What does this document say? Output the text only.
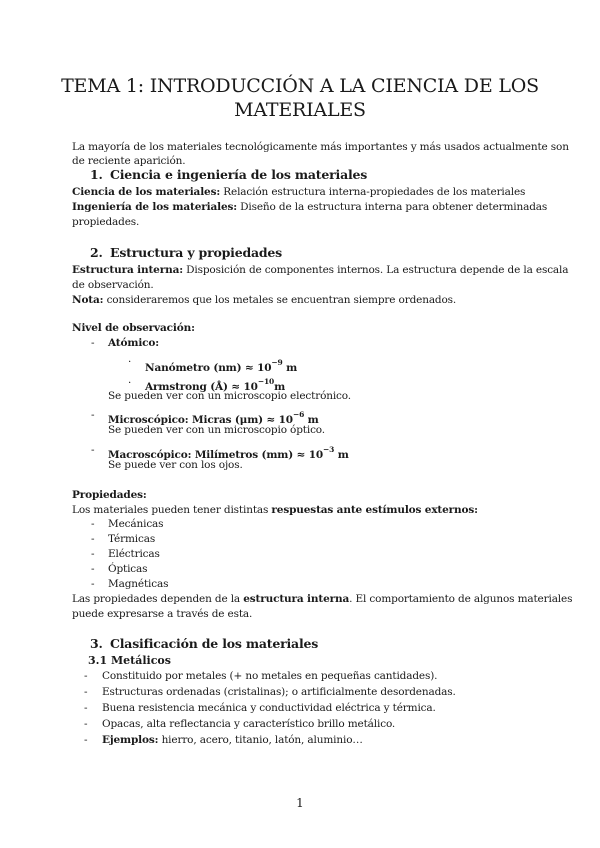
TEMA 1: INTRODUCCIÓN A LA CIENCIA DE LOS
MATERIALES
La mayoría de los materiales tecnológicamente más importantes y más usados actualmente son
de reciente aparición.
1. Ciencia e ingeniería de los materiales
Ciencia de los materiales: Relación estructura interna-propiedades de los materiales
Ingeniería de los materiales: Diseño de la estructura interna para obtener determinadas
propiedades.
2. Estructura y propiedades
Estructura interna: Disposición de componentes internos. La estructura depende de la escala
de observación.
Nota: consideraremos que los metales se encuentran siempre ordenados.
Nivel de observación:
- Atómico:
· Nanómetro $(nm) \approx 10^{-9}$ m
· Armstrong (Å) ≈ $10^{-10}m$
Se pueden ver con un microscopio electrónico.
- Microscópico: Micras $(\mu m) \approx 10^{-6}$ m
Se pueden ver con un microscopio óptico.
- Macroscópico: Milímetros $(mm) \approx 10^{-3}$ m
Se puede ver con los ojos.
Propiedades:
Los materiales pueden tener distintas respuestas ante estímulos externos:
- Mecánicas
- Térmicas
- Eléctricas
- Ópticas
- Magnéticas
Las propiedades dependen de la estructura interna. El comportamiento de algunos materiales
puede expresarse a través de esta.
3. Clasificación de los materiales
3.1 Metálicos
- Constituido por metales (+ no metales en pequeñas cantidades).
- Estructuras ordenadas (cristalinas); o artificialmente desordenadas.
- Buena resistencia mecánica y conductividad eléctrica y térmica.
- Opacas, alta reflectancia y característico brillo metálico.
- Ejemplos: hierro, acero, titanio, latón, aluminio…
1
